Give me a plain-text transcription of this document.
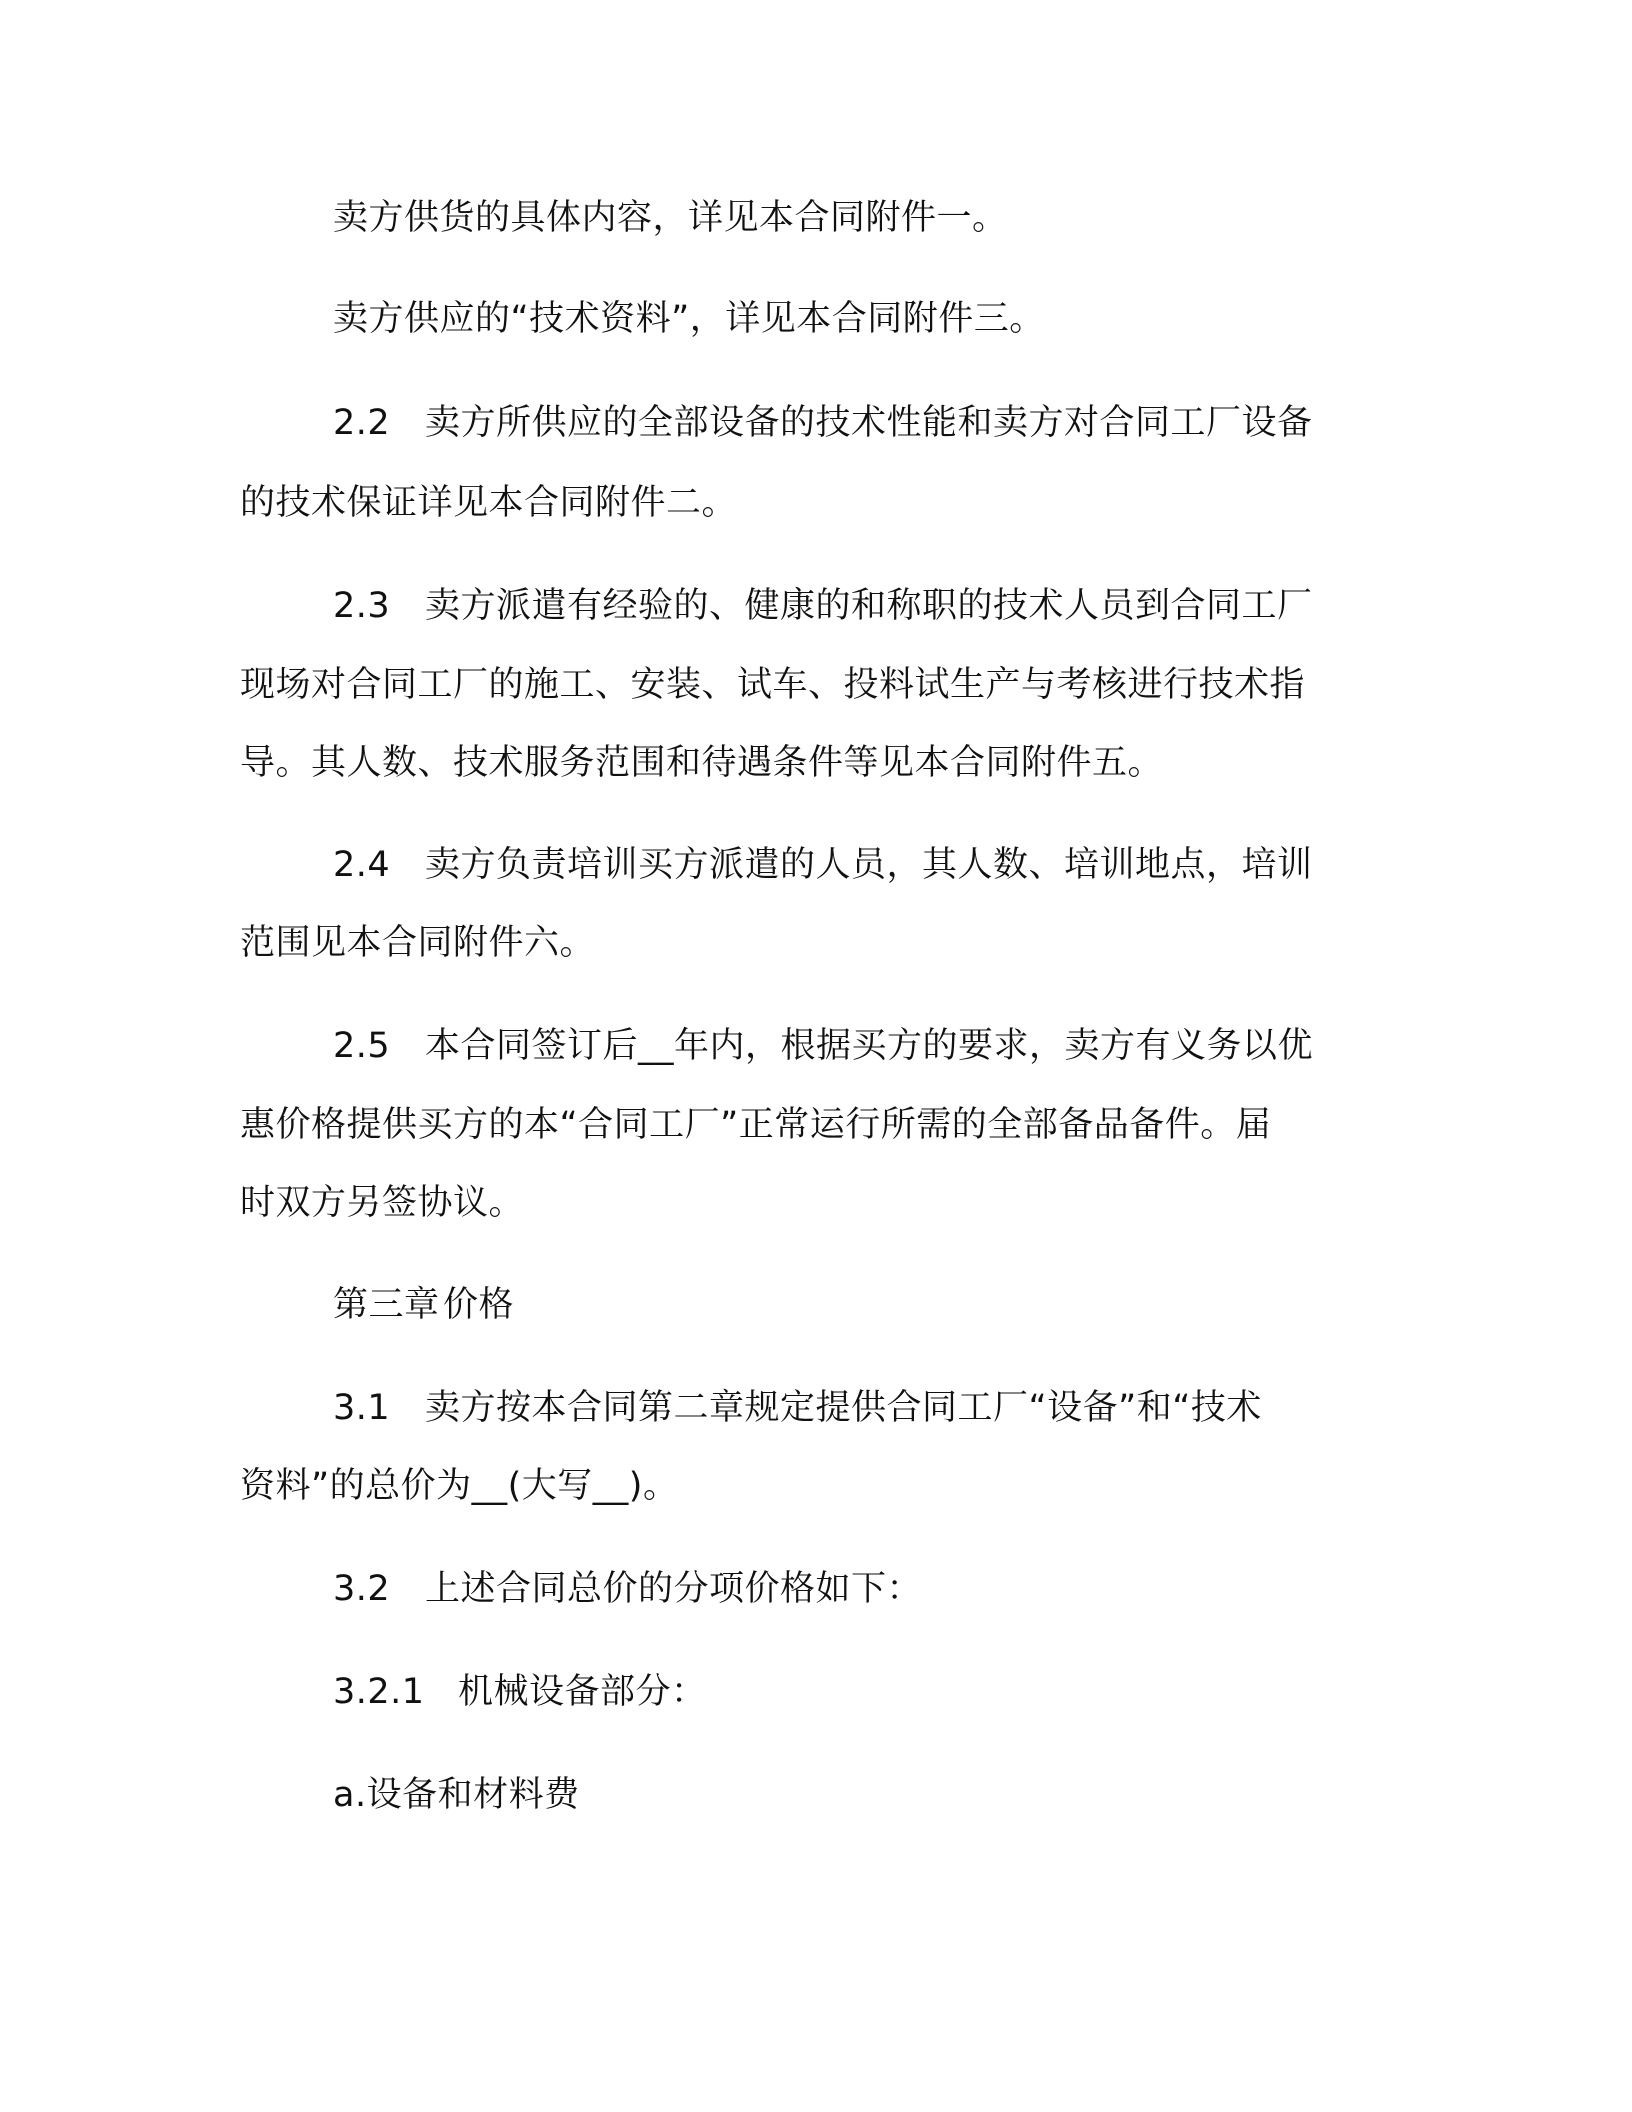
卖方供货的具体内容，详见本合同附件一。
卖方供应的“技术资料”，详见本合同附件三。
2.2 卖方所供应的全部设备的技术性能和卖方对合同工厂设备
的技术保证详见本合同附件二。
2.3 卖方派遣有经验的、健康的和称职的技术人员到合同工厂
现场对合同工厂的施工、安装、试车、投料试生产与考核进行技术指
导。其人数、技术服务范围和待遇条件等见本合同附件五。
2.4 卖方负责培训买方派遣的人员，其人数、培训地点，培训
范围见本合同附件六。
2.5 本合同签订后__年内，根据买方的要求，卖方有义务以优
惠价格提供买方的本“合同工厂”正常运行所需的全部备品备件。届
时双方另签协议。
第三章价格
3.1 卖方按本合同第二章规定提供合同工厂“设备”和“技术
资料”的总价为__(大写__)。
3.2 上述合同总价的分项价格如下：
3.2.1 机械设备部分：
a.设备和材料费
